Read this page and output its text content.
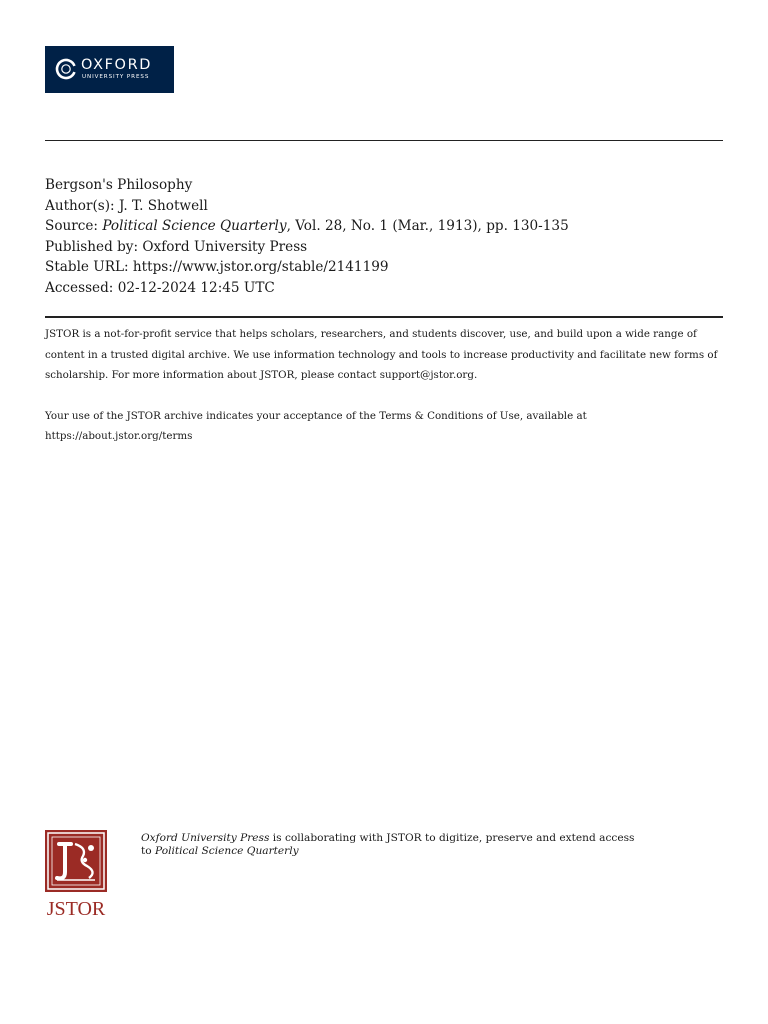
OXFORD
UNIVERSITY PRESS
Bergson's Philosophy
Author(s): J. T. Shotwell
Source: Political Science Quarterly, Vol. 28, No. 1 (Mar., 1913), pp. 130-135
Published by: Oxford University Press
Stable URL: https://www.jstor.org/stable/2141199
Accessed: 02-12-2024 12:45 UTC

JSTOR is a not-for-profit service that helps scholars, researchers, and students discover, use, and build upon a wide range of content in a trusted digital archive. We use information technology and tools to increase productivity and facilitate new forms of scholarship. For more information about JSTOR, please contact support@jstor.org.

Your use of the JSTOR archive indicates your acceptance of the Terms & Conditions of Use, available at
https://about.jstor.org/terms

JSTOR
Oxford University Press is collaborating with JSTOR to digitize, preserve and extend access
to Political Science Quarterly
